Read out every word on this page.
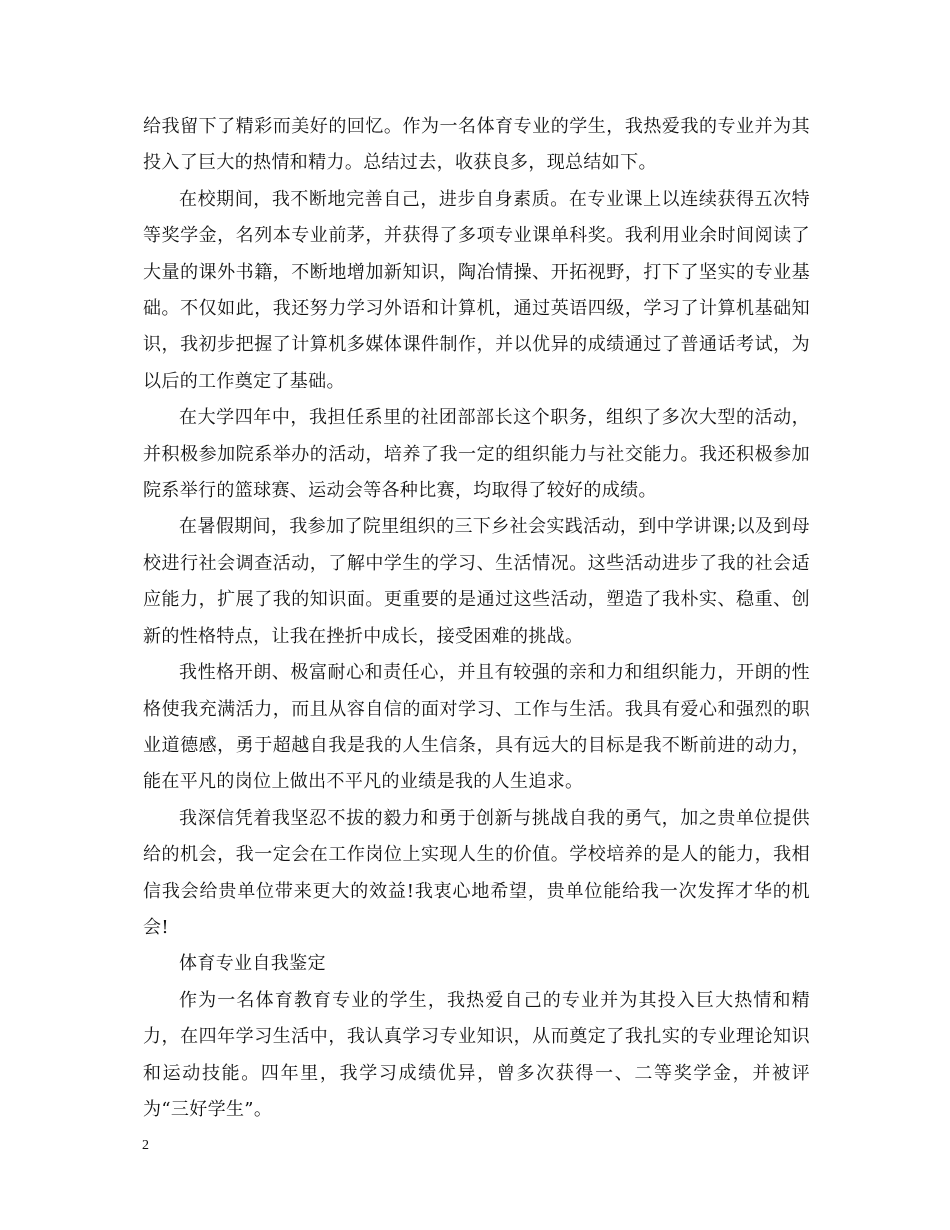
给我留下了精彩而美好的回忆。作为一名体育专业的学生，我热爱我的专业并为其投入了巨大的热情和精力。总结过去，收获良多，现总结如下。

在校期间，我不断地完善自己，进步自身素质。在专业课上以连续获得五次特等奖学金，名列本专业前茅，并获得了多项专业课单科奖。我利用业余时间阅读了大量的课外书籍，不断地增加新知识，陶冶情操、开拓视野，打下了坚实的专业基础。不仅如此，我还努力学习外语和计算机，通过英语四级，学习了计算机基础知识，我初步把握了计算机多媒体课件制作，并以优异的成绩通过了普通话考试，为以后的工作奠定了基础。

在大学四年中，我担任系里的社团部部长这个职务，组织了多次大型的活动，并积极参加院系举办的活动，培养了我一定的组织能力与社交能力。我还积极参加院系举行的篮球赛、运动会等各种比赛，均取得了较好的成绩。

在暑假期间，我参加了院里组织的三下乡社会实践活动，到中学讲课;以及到母校进行社会调查活动，了解中学生的学习、生活情况。这些活动进步了我的社会适应能力，扩展了我的知识面。更重要的是通过这些活动，塑造了我朴实、稳重、创新的性格特点，让我在挫折中成长，接受困难的挑战。

我性格开朗、极富耐心和责任心，并且有较强的亲和力和组织能力，开朗的性格使我充满活力，而且从容自信的面对学习、工作与生活。我具有爱心和强烈的职业道德感，勇于超越自我是我的人生信条，具有远大的目标是我不断前进的动力，能在平凡的岗位上做出不平凡的业绩是我的人生追求。

我深信凭着我坚忍不拔的毅力和勇于创新与挑战自我的勇气，加之贵单位提供给的机会，我一定会在工作岗位上实现人生的价值。学校培养的是人的能力，我相信我会给贵单位带来更大的效益!我衷心地希望，贵单位能给我一次发挥才华的机会!

体育专业自我鉴定

作为一名体育教育专业的学生，我热爱自己的专业并为其投入巨大热情和精力，在四年学习生活中，我认真学习专业知识，从而奠定了我扎实的专业理论知识和运动技能。四年里，我学习成绩优异，曾多次获得一、二等奖学金，并被评为“三好学生”。

2
